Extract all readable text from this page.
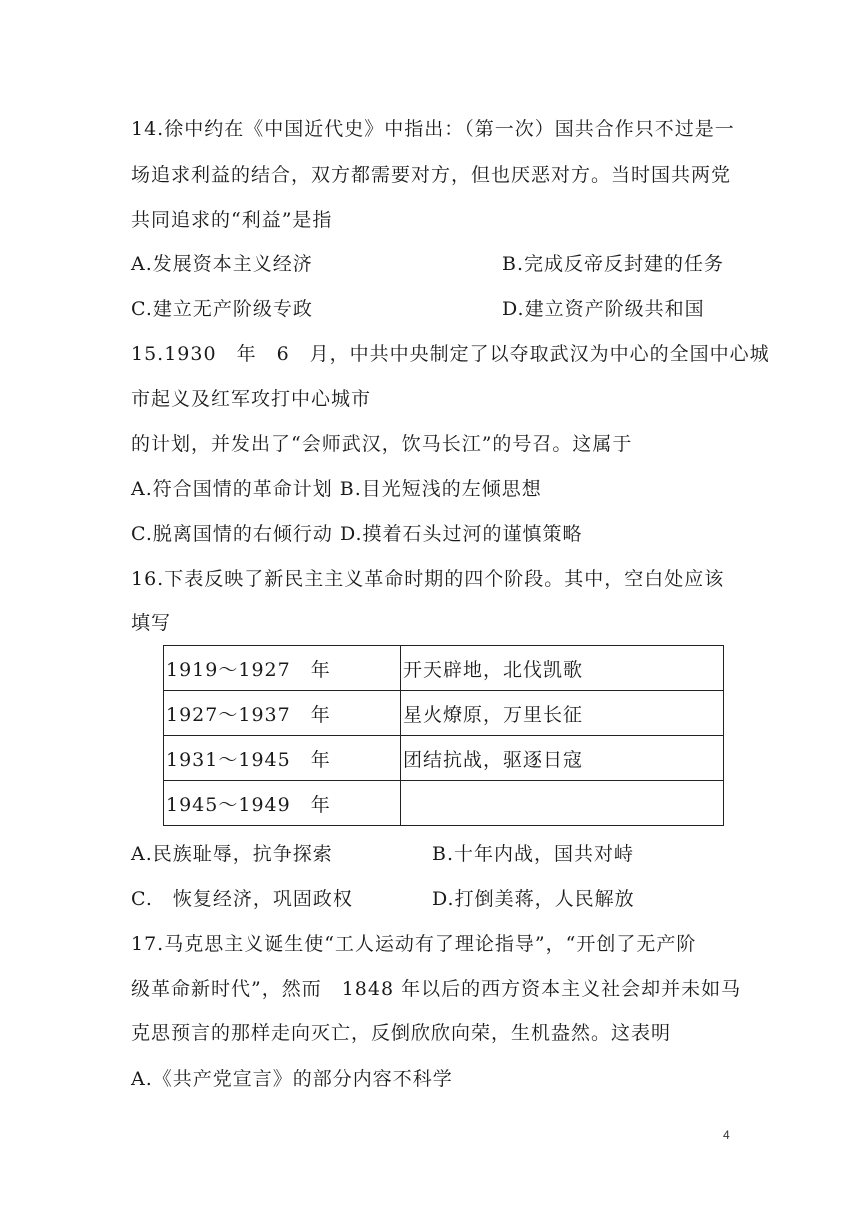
14.徐中约在《中国近代史》中指出：（第一次）国共合作只不过是一
场追求利益的结合，双方都需要对方，但也厌恶对方。当时国共两党
共同追求的“利益”是指
A.发展资本主义经济	B.完成反帝反封建的任务
C.建立无产阶级专政	D.建立资产阶级共和国
15.1930　年　6　月，中共中央制定了以夺取武汉为中心的全国中心城
市起义及红军攻打中心城市
的计划，并发出了“会师武汉，饮马长江”的号召。这属于
A.符合国情的革命计划 B.目光短浅的左倾思想
C.脱离国情的右倾行动 D.摸着石头过河的谨慎策略
16.下表反映了新民主主义革命时期的四个阶段。其中，空白处应该
填写
1919～1927　年	开天辟地，北伐凯歌
1927～1937　年	星火燎原，万里长征
1931～1945　年	团结抗战，驱逐日寇
1945～1949　年	
A.民族耻辱，抗争探索	B.十年内战，国共对峙
C.　恢复经济，巩固政权	D.打倒美蒋，人民解放
17.马克思主义诞生使“工人运动有了理论指导”，“开创了无产阶
级革命新时代”，然而　1848 年以后的西方资本主义社会却并未如马
克思预言的那样走向灭亡，反倒欣欣向荣，生机盎然。这表明
A.《共产党宣言》的部分内容不科学
4
